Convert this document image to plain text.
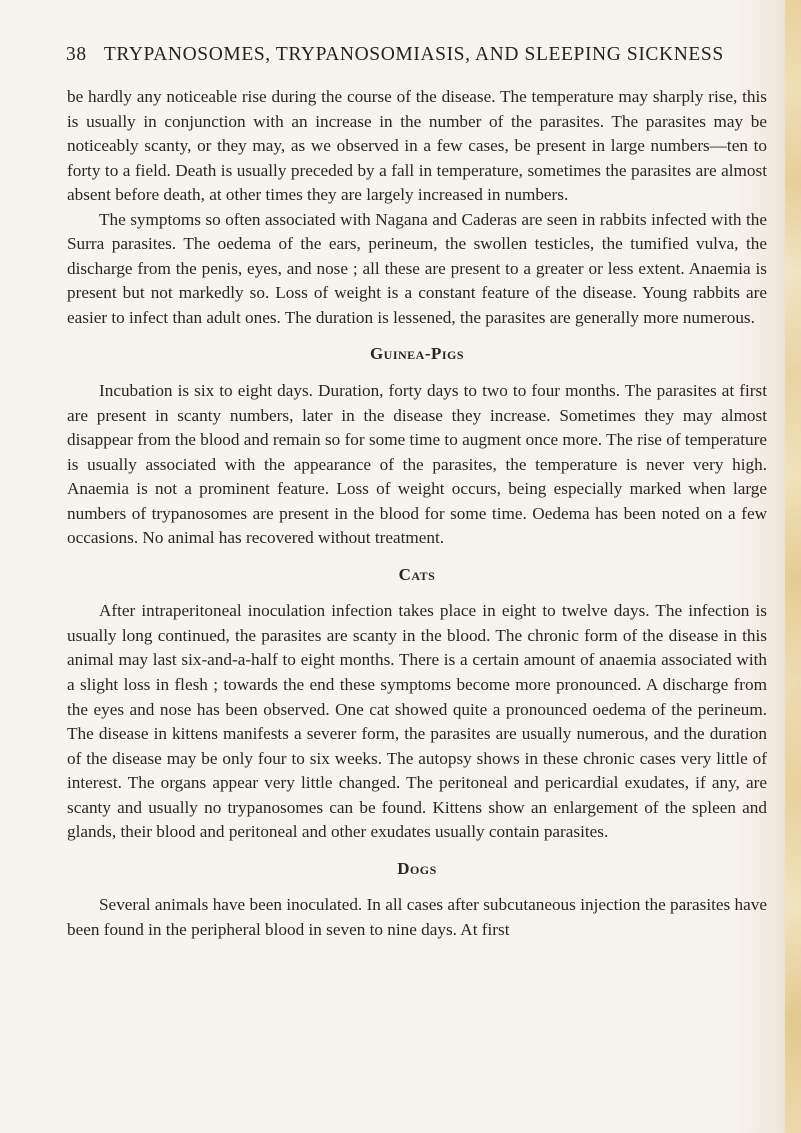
38 TRYPANOSOMES, TRYPANOSOMIASIS, AND SLEEPING SICKNESS

be hardly any noticeable rise during the course of the disease. The temperature may sharply rise, this is usually in conjunction with an increase in the number of the parasites. The parasites may be noticeably scanty, or they may, as we observed in a few cases, be present in large numbers—ten to forty to a field. Death is usually preceded by a fall in temperature, sometimes the parasites are almost absent before death, at other times they are largely increased in numbers.

The symptoms so often associated with Nagana and Caderas are seen in rabbits infected with the Surra parasites. The oedema of the ears, perineum, the swollen testicles, the tumified vulva, the discharge from the penis, eyes, and nose ; all these are present to a greater or less extent. Anaemia is present but not markedly so. Loss of weight is a constant feature of the disease. Young rabbits are easier to infect than adult ones. The duration is lessened, the parasites are generally more numerous.

Guinea-Pigs

Incubation is six to eight days. Duration, forty days to two to four months. The parasites at first are present in scanty numbers, later in the disease they increase. Sometimes they may almost disappear from the blood and remain so for some time to augment once more. The rise of temperature is usually associated with the appearance of the parasites, the temperature is never very high. Anaemia is not a prominent feature. Loss of weight occurs, being especially marked when large numbers of trypanosomes are present in the blood for some time. Oedema has been noted on a few occasions. No animal has recovered without treatment.

Cats

After intraperitoneal inoculation infection takes place in eight to twelve days. The infection is usually long continued, the parasites are scanty in the blood. The chronic form of the disease in this animal may last six-and-a-half to eight months. There is a certain amount of anaemia associated with a slight loss in flesh ; towards the end these symptoms become more pronounced. A discharge from the eyes and nose has been observed. One cat showed quite a pronounced oedema of the perineum. The disease in kittens manifests a severer form, the parasites are usually numerous, and the duration of the disease may be only four to six weeks. The autopsy shows in these chronic cases very little of interest. The organs appear very little changed. The peritoneal and pericardial exudates, if any, are scanty and usually no trypanosomes can be found. Kittens show an enlargement of the spleen and glands, their blood and peritoneal and other exudates usually contain parasites.

Dogs

Several animals have been inoculated. In all cases after subcutaneous injection the parasites have been found in the peripheral blood in seven to nine days. At first
